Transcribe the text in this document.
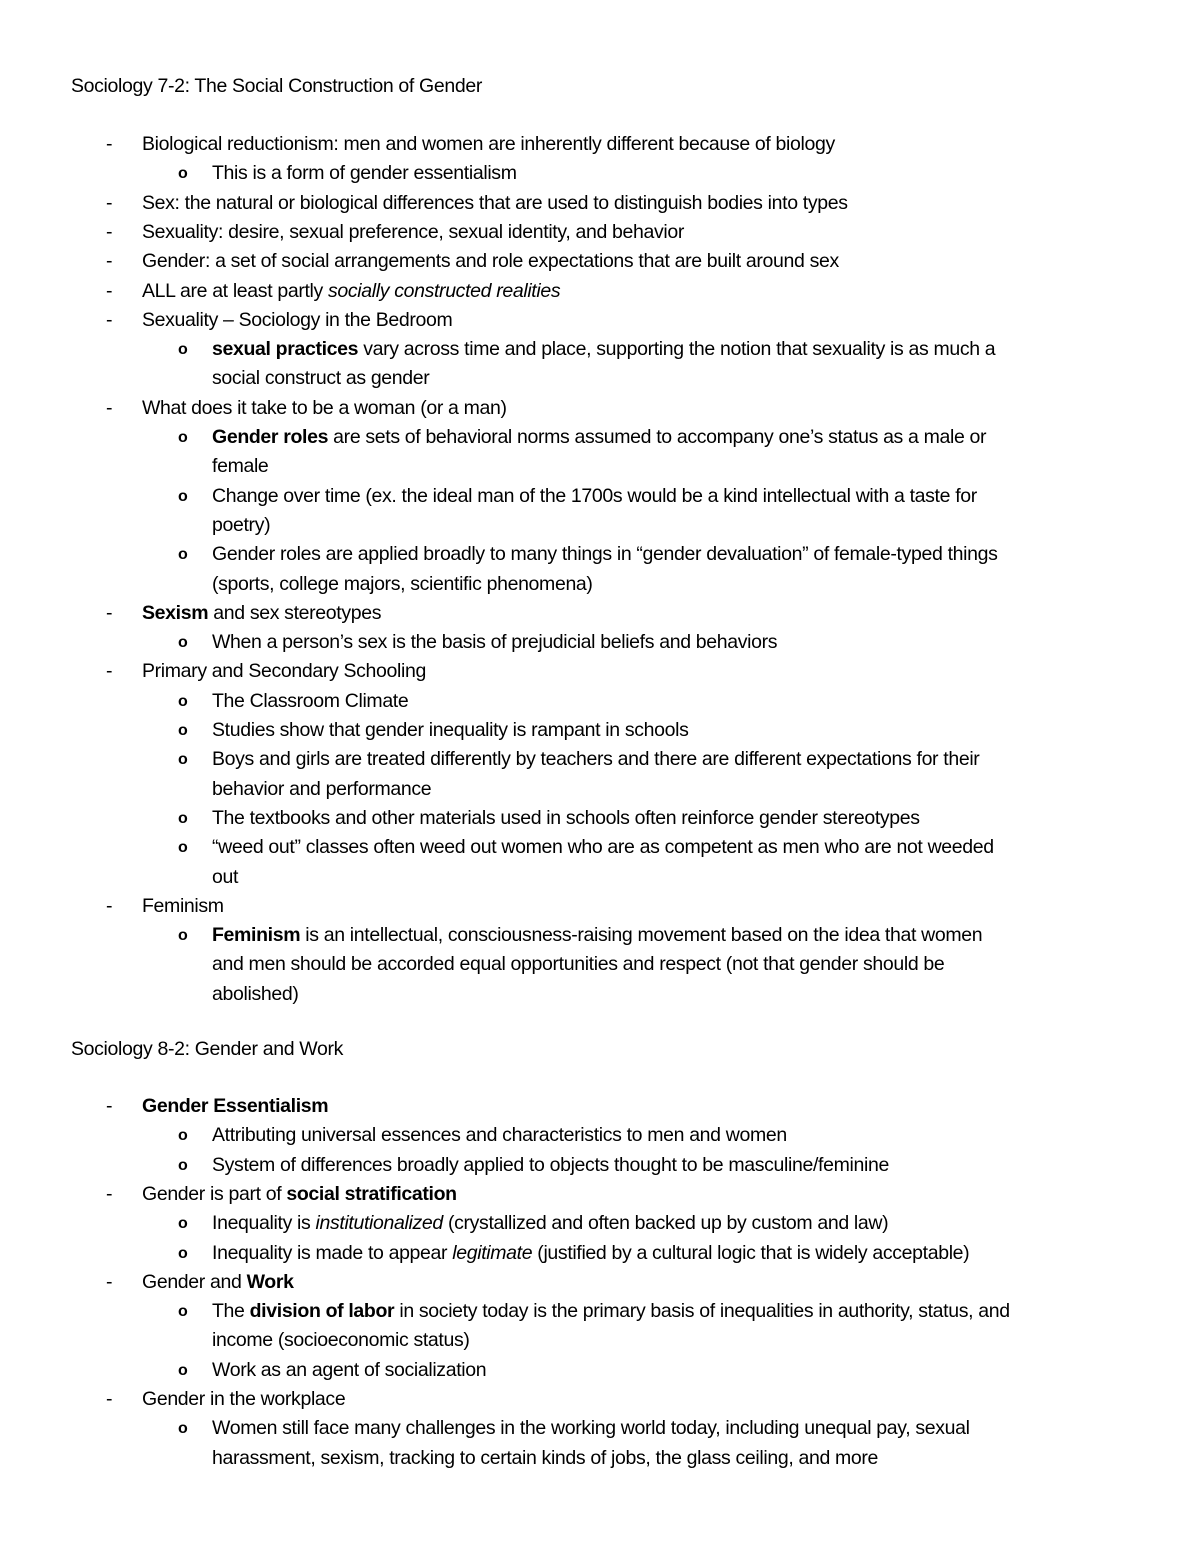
Sociology 7-2: The Social Construction of Gender
- Biological reductionism: men and women are inherently different because of biology
o This is a form of gender essentialism
- Sex: the natural or biological differences that are used to distinguish bodies into types
- Sexuality: desire, sexual preference, sexual identity, and behavior
- Gender: a set of social arrangements and role expectations that are built around sex
- ALL are at least partly socially constructed realities
- Sexuality – Sociology in the Bedroom
o sexual practices vary across time and place, supporting the notion that sexuality is as much a
social construct as gender
- What does it take to be a woman (or a man)
o Gender roles are sets of behavioral norms assumed to accompany one’s status as a male or
female
o Change over time (ex. the ideal man of the 1700s would be a kind intellectual with a taste for
poetry)
o Gender roles are applied broadly to many things in “gender devaluation” of female-typed things
(sports, college majors, scientific phenomena)
- Sexism and sex stereotypes
o When a person’s sex is the basis of prejudicial beliefs and behaviors
- Primary and Secondary Schooling
o The Classroom Climate
o Studies show that gender inequality is rampant in schools
o Boys and girls are treated differently by teachers and there are different expectations for their
behavior and performance
o The textbooks and other materials used in schools often reinforce gender stereotypes
o “weed out” classes often weed out women who are as competent as men who are not weeded
out
- Feminism
o Feminism is an intellectual, consciousness-raising movement based on the idea that women
and men should be accorded equal opportunities and respect (not that gender should be
abolished)
Sociology 8-2: Gender and Work
- Gender Essentialism
o Attributing universal essences and characteristics to men and women
o System of differences broadly applied to objects thought to be masculine/feminine
- Gender is part of social stratification
o Inequality is institutionalized (crystallized and often backed up by custom and law)
o Inequality is made to appear legitimate (justified by a cultural logic that is widely acceptable)
- Gender and Work
o The division of labor in society today is the primary basis of inequalities in authority, status, and
income (socioeconomic status)
o Work as an agent of socialization
- Gender in the workplace
o Women still face many challenges in the working world today, including unequal pay, sexual
harassment, sexism, tracking to certain kinds of jobs, the glass ceiling, and more
